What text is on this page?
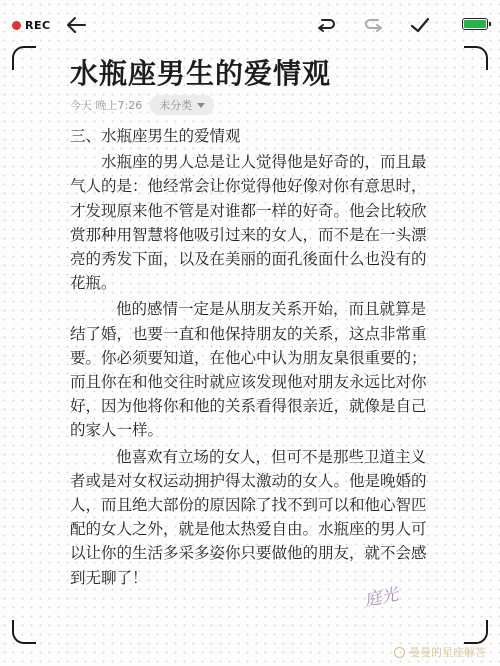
REC
水瓶座男生的爱情观
今天 晚上7:26 未分类

三、水瓶座男生的爱情观

水瓶座的男人总是让人觉得他是好奇的，而且最气人的是：他经常会让你觉得他好像对你有意思时，才发现原来他不管是对谁都一样的好奇。他会比较欣赏那种用智慧将他吸引过来的女人，而不是在一头漂亮的秀发下面，以及在美丽的面孔後面什么也没有的花瓶。

他的感情一定是从朋友关系开始，而且就算是结了婚，也要一直和他保持朋友的关系，这点非常重要。你必须要知道，在他心中认为朋友臬很重要的；而且你在和他交往时就应该发现他对朋友永远比对你好，因为他将你和他的关系看得很亲近，就像是自己的家人一样。

他喜欢有立场的女人，但可不是那些卫道主义者或是对女权运动拥护得太激动的女人。他是晚婚的人，而且绝大部份的原因除了找不到可以和他心智匹配的女人之外，就是他太热爱自由。水瓶座的男人可以让你的生活多采多姿你只要做他的朋友，就不会感到无聊了！

庭光
曼曼的星座解答
